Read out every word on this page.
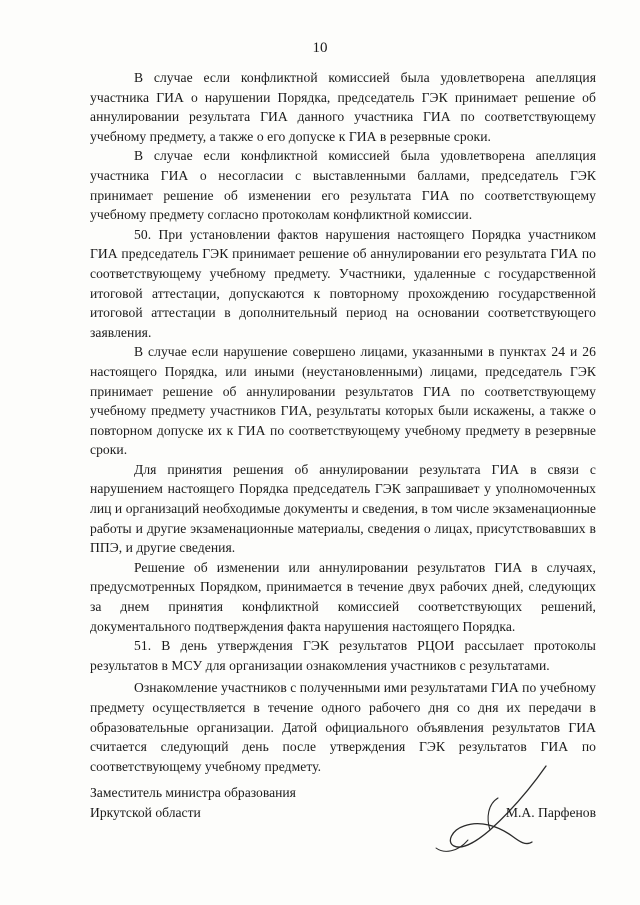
10

В случае если конфликтной комиссией была удовлетворена апелляция участника ГИА о нарушении Порядка, председатель ГЭК принимает решение об аннулировании результата ГИА данного участника ГИА по соответствующему учебному предмету, а также о его допуске к ГИА в резервные сроки.

В случае если конфликтной комиссией была удовлетворена апелляция участника ГИА о несогласии с выставленными баллами, председатель ГЭК принимает решение об изменении его результата ГИА по соответствующему учебному предмету согласно протоколам конфликтной комиссии.

50. При установлении фактов нарушения настоящего Порядка участником ГИА председатель ГЭК принимает решение об аннулировании его результата ГИА по соответствующему учебному предмету. Участники, удаленные с государственной итоговой аттестации, допускаются к повторному прохождению государственной итоговой аттестации в дополнительный период на основании соответствующего заявления.

В случае если нарушение совершено лицами, указанными в пунктах 24 и 26 настоящего Порядка, или иными (неустановленными) лицами, председатель ГЭК принимает решение об аннулировании результатов ГИА по соответствующему учебному предмету участников ГИА, результаты которых были искажены, а также о повторном допуске их к ГИА по соответствующему учебному предмету в резервные сроки.

Для принятия решения об аннулировании результата ГИА в связи с нарушением настоящего Порядка председатель ГЭК запрашивает у уполномоченных лиц и организаций необходимые документы и сведения, в том числе экзаменационные работы и другие экзаменационные материалы, сведения о лицах, присутствовавших в ППЭ, и другие сведения.

Решение об изменении или аннулировании результатов ГИА в случаях, предусмотренных Порядком, принимается в течение двух рабочих дней, следующих за днем принятия конфликтной комиссией соответствующих решений, документального подтверждения факта нарушения настоящего Порядка.

51. В день утверждения ГЭК результатов РЦОИ рассылает протоколы результатов в МСУ для организации ознакомления участников с результатами.

Ознакомление участников с полученными ими результатами ГИА по учебному предмету осуществляется в течение одного рабочего дня со дня их передачи в образовательные организации. Датой официального объявления результатов ГИА считается следующий день после утверждения ГЭК результатов ГИА по соответствующему учебному предмету.

Заместитель министра образования
Иркутской области	М.А. Парфенов
